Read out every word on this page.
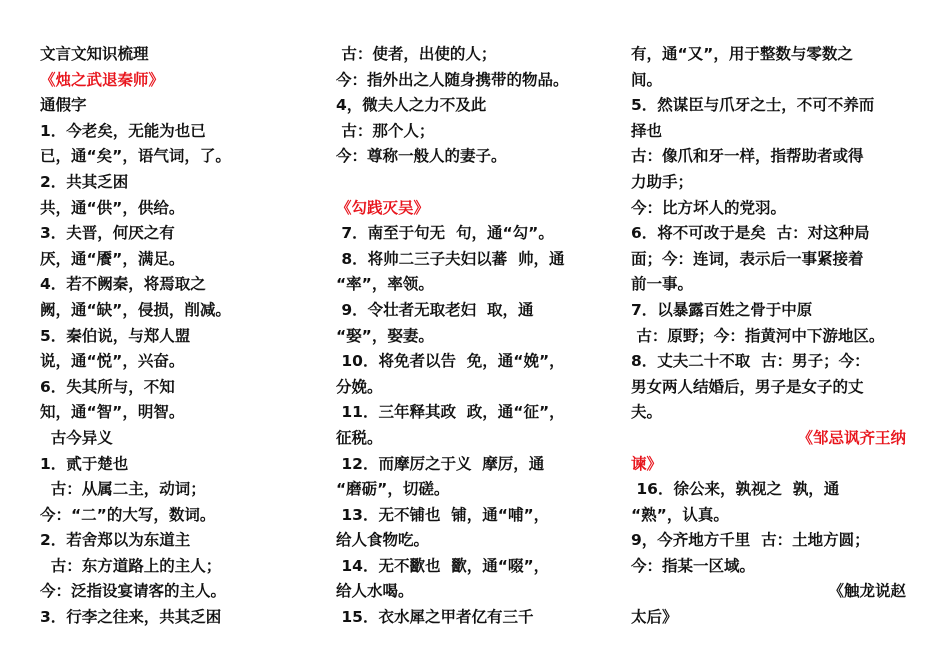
文言文知识梳理
《烛之武退秦师》
通假字
1．今老矣，无能为也已
已，通“矣”，语气词，了。
2．共其乏困
共，通“供”，供给。
3．夫晋，何厌之有
厌，通“餍”，满足。
4．若不阙秦，将焉取之
阙，通“缺”，侵损，削减。
5．秦伯说，与郑人盟
说，通“悦”，兴奋。
6．失其所与，不知
知，通“智”，明智。
古今异义
1．贰于楚也
古：从属二主，动词；
今：“二”的大写，数词。
2．若舍郑以为东道主
古：东方道路上的主人；
今：泛指设宴请客的主人。
3．行李之往来，共其乏困
古：使者，出使的人；
今：指外出之人随身携带的物品。
4，微夫人之力不及此
古：那个人；
今：尊称一般人的妻子。
《勾践灭吴》
7．南至于句无  句，通“勾”。
8．将帅二三子夫妇以蕃  帅，通
“率”，率领。
9．令壮者无取老妇  取，通
“娶”，娶妻。
10．将免者以告  免，通“娩”，
分娩。
11．三年释其政  政，通“征”，
征税。
12．而摩厉之于义  摩厉，通
“磨砺”，切磋。
13．无不铺也  铺，通“哺”，
给人食物吃。
14．无不歠也  歠，通“啜”，
给人水喝。
15．衣水犀之甲者亿有三千
有，通“又”，用于整数与零数之
间。
5．然谋臣与爪牙之士，不可不养而
择也
古：像爪和牙一样，指帮助者或得
力助手；
今：比方坏人的党羽。
6．将不可改于是矣  古：对这种局
面；今：连词，表示后一事紧接着
前一事。
7．以暴露百姓之骨于中原
古：原野；今：指黄河中下游地区。
8．丈夫二十不取  古：男子；今：
男女两人结婚后，男子是女子的丈
夫。
《邹忌讽齐王纳
谏》
16．徐公来，孰视之  孰，通
“熟”，认真。
9，今齐地方千里  古：土地方圆；
今：指某一区域。
《触龙说赵
太后》
